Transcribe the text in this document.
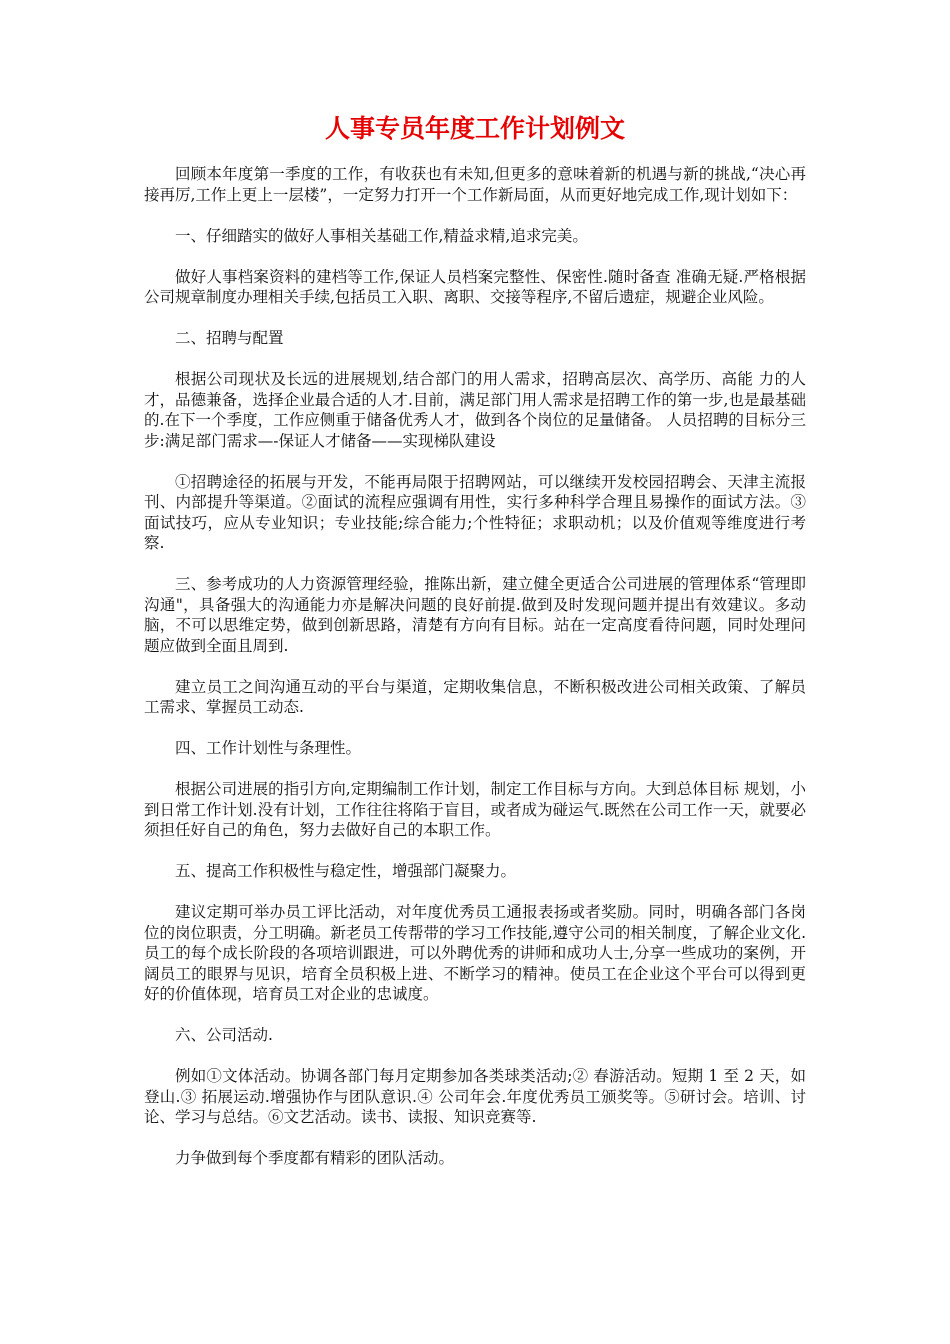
人事专员年度工作计划例文

回顾本年度第一季度的工作，有收获也有未知,但更多的意味着新的机遇与新的挑战,“决心再接再厉,工作上更上一层楼”，一定努力打开一个工作新局面，从而更好地完成工作,现计划如下：

一、仔细踏实的做好人事相关基础工作,精益求精,追求完美。

做好人事档案资料的建档等工作,保证人员档案完整性、保密性.随时备查 准确无疑.严格根据公司规章制度办理相关手续,包括员工入职、离职、交接等程序,不留后遗症，规避企业风险。

二、招聘与配置

根据公司现状及长远的进展规划,结合部门的用人需求，招聘高层次、高学历、高能 力的人才，品德兼备，选择企业最合适的人才.目前，满足部门用人需求是招聘工作的第一步,也是最基础的.在下一个季度，工作应侧重于储备优秀人才，做到各个岗位的足量储备。 人员招聘的目标分三步:满足部门需求—-保证人才储备——实现梯队建设

①招聘途径的拓展与开发，不能再局限于招聘网站，可以继续开发校园招聘会、天津主流报刊、内部提升等渠道。②面试的流程应强调有用性，实行多种科学合理且易操作的面试方法。③面试技巧，应从专业知识；专业技能;综合能力;个性特征；求职动机；以及价值观等维度进行考察.

三、参考成功的人力资源管理经验，推陈出新，建立健全更适合公司进展的管理体系“管理即沟通"，具备强大的沟通能力亦是解决问题的良好前提.做到及时发现问题并提出有效建议。多动脑，不可以思维定势，做到创新思路，清楚有方向有目标。站在一定高度看待问题，同时处理问题应做到全面且周到.

建立员工之间沟通互动的平台与渠道，定期收集信息，不断积极改进公司相关政策、了解员工需求、掌握员工动态.

四、工作计划性与条理性。

根据公司进展的指引方向,定期编制工作计划，制定工作目标与方向。大到总体目标 规划，小到日常工作计划.没有计划，工作往往将陷于盲目，或者成为碰运气.既然在公司工作一天，就要必须担任好自己的角色，努力去做好自己的本职工作。

五、提高工作积极性与稳定性，增强部门凝聚力。

建议定期可举办员工评比活动，对年度优秀员工通报表扬或者奖励。同时，明确各部门各岗位的岗位职责，分工明确。新老员工传帮带的学习工作技能,遵守公司的相关制度，了解企业文化.员工的每个成长阶段的各项培训跟进，可以外聘优秀的讲师和成功人士,分享一些成功的案例，开阔员工的眼界与见识，培育全员积极上进、不断学习的精神。使员工在企业这个平台可以得到更好的价值体现，培育员工对企业的忠诚度。

六、公司活动.

例如①文体活动。协调各部门每月定期参加各类球类活动;② 春游活动。短期 1 至 2 天，如登山.③ 拓展运动.增强协作与团队意识.④ 公司年会.年度优秀员工颁奖等。⑤研讨会。培训、讨论、学习与总结。⑥文艺活动。读书、读报、知识竞赛等.

力争做到每个季度都有精彩的团队活动。
